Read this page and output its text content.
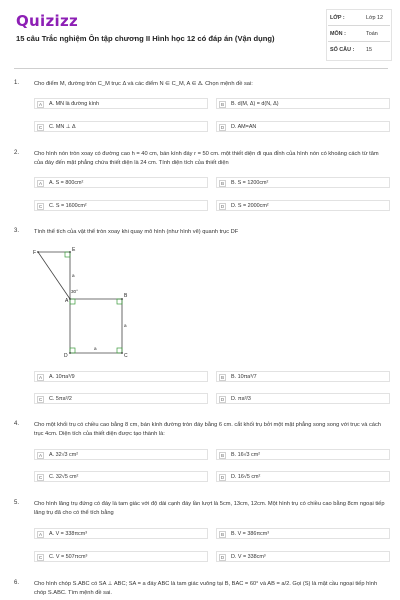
Quizizz
15 câu Trắc nghiệm Ôn tập chương II Hình học 12 có đáp án (Vận dụng)
LỚP :	Lớp 12
MÔN :	Toán
SỐ CÂU : 15
1.	Cho điểm M, đường tròn C_M trục Δ và các điểm N ∈ C_M, A ∈ Δ. Chọn mệnh đề sai:
A	A. MN là đường kính	B	B. d(M, Δ) = d(N, Δ)
C	C. MN ⊥ Δ	D	D. AM=AN
2.	Cho hình nón tròn xoay có đường cao h = 40 cm, bán kính đáy r = 50 cm. một thiết diện đi qua đỉnh của hình nón có khoảng cách từ tâm của đáy đến mặt phẳng chứa thiết diện là 24 cm. Tính diện tích của thiết diện
A	A. S = 800cm²	B	B. S = 1200cm²
C	C. S = 1600cm²	D	D. S = 2000cm²
3.	Tính thể tích của vật thể tròn xoay khi quay mô hình (như hình vẽ) quanh trục DF
F	E
A
B
C
D
30°
a
a
a
A	A. 10πa³/9	B	B. 10πa³/7
C	C. 5πa³/2	D	D. πa³/3
4.	Cho một khối trụ có chiều cao bằng 8 cm, bán kính đường tròn đáy bằng 6 cm. cắt khối trụ bởi một mặt phẳng song song với trục và cách trục 4cm. Diện tích của thiết diện được tạo thành là:
A	A. 32√3 cm²	B	B. 16√3 cm²
C	C. 32√5 cm²	D	D. 16√5 cm²
5.	Cho hình lăng trụ đứng có đáy là tam giác với độ dài cạnh đáy lần lượt là 5cm, 13cm, 12cm. Một hình trụ có chiều cao bằng 8cm ngoại tiếp lăng trụ đã cho có thể tích bằng
A	A. V = 338πcm³	B	B. V = 386πcm³
C	C. V = 507πcm³	D	D. V = 338cm³
6.	Cho hình chóp S.ABC có SA ⊥ ABC; SA = a đáy ABC là tam giác vuông tại B, BAC = 60° và AB = a/2. Gọi (S) là mặt cầu ngoại tiếp hình chóp S.ABC. Tìm mệnh đề sai.
